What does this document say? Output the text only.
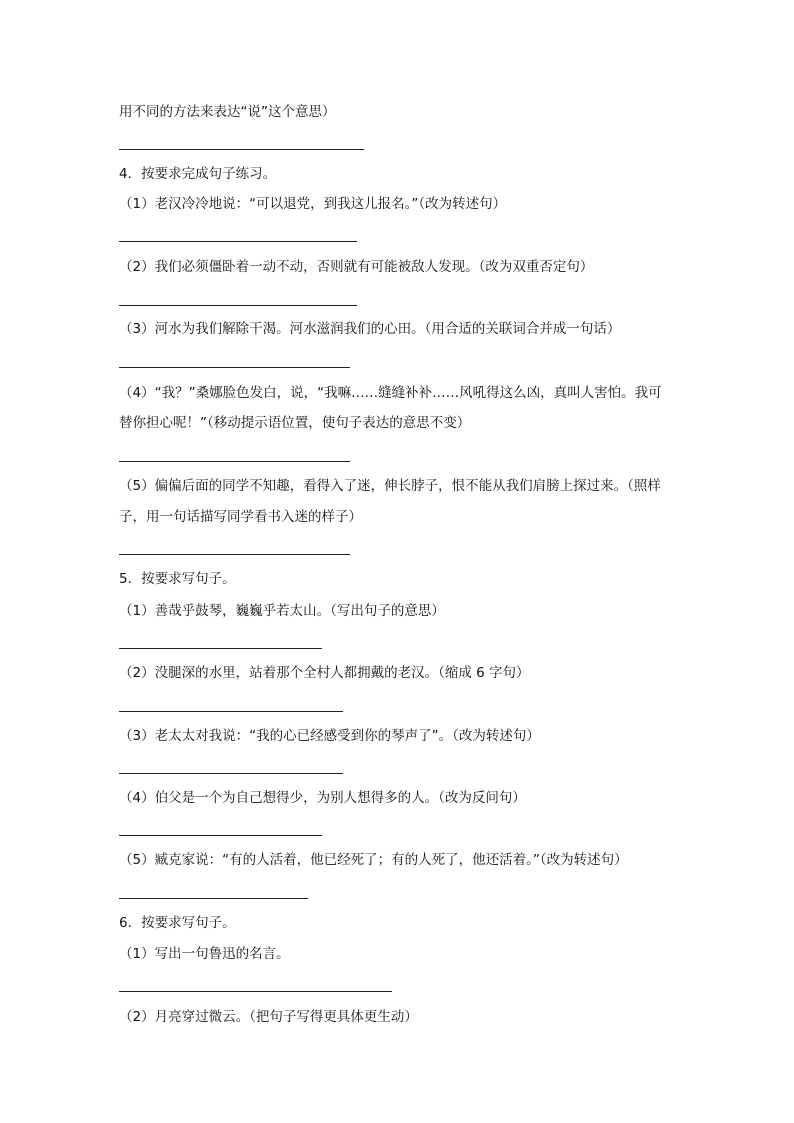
用不同的方法来表达“说”这个意思）
4．按要求完成句子练习。
（1）老汉冷冷地说：“可以退党，到我这儿报名。”（改为转述句）
（2）我们必须僵卧着一动不动，否则就有可能被敌人发现。（改为双重否定句）
（3）河水为我们解除干渴。河水滋润我们的心田。（用合适的关联词合并成一句话）
（4）“我？”桑娜脸色发白，说，“我嘛……缝缝补补……风吼得这么凶，真叫人害怕。我可
替你担心呢！”（移动提示语位置，使句子表达的意思不变）
（5）偏偏后面的同学不知趣，看得入了迷，伸长脖子，恨不能从我们肩膀上探过来。（照样
子，用一句话描写同学看书入迷的样子）
5．按要求写句子。
（1）善哉乎鼓琴，巍巍乎若太山。（写出句子的意思）
（2）没腿深的水里，站着那个全村人都拥戴的老汉。（缩成 6 字句）
（3）老太太对我说：“我的心已经感受到你的琴声了”。（改为转述句）
（4）伯父是一个为自己想得少，为别人想得多的人。（改为反问句）
（5）臧克家说：“有的人活着，他已经死了；有的人死了，他还活着。”（改为转述句）
6．按要求写句子。
（1）写出一句鲁迅的名言。
（2）月亮穿过微云。（把句子写得更具体更生动）
